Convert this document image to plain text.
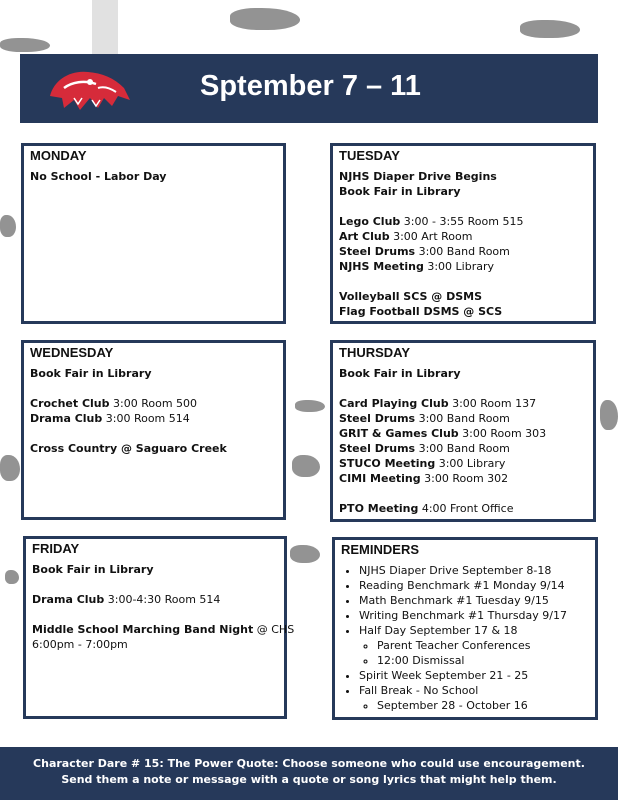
Sptember 7 – 11
MONDAY
No School - Labor Day
TUESDAY
NJHS Diaper Drive Begins
Book Fair in Library
Lego Club 3:00 - 3:55 Room 515
Art Club 3:00 Art Room
Steel Drums 3:00 Band Room
NJHS Meeting 3:00 Library
Volleyball SCS @ DSMS
Flag Football DSMS @ SCS
WEDNESDAY
Book Fair in Library
Crochet Club 3:00 Room 500
Drama Club 3:00 Room 514
Cross Country @ Saguaro Creek
THURSDAY
Book Fair in Library
Card Playing Club 3:00 Room 137
Steel Drums 3:00 Band Room
GRIT & Games Club 3:00 Room 303
Steel Drums 3:00 Band Room
STUCO Meeting 3:00 Library
CIMI Meeting 3:00 Room 302
PTO Meeting 4:00 Front Office
FRIDAY
Book Fair in Library
Drama Club 3:00-4:30 Room 514
Middle School Marching Band Night @ CHS
6:00pm - 7:00pm
REMINDERS
• NJHS Diaper Drive September 8-18
• Reading Benchmark #1 Monday 9/14
• Math Benchmark #1 Tuesday 9/15
• Writing Benchmark #1 Thursday 9/17
• Half Day September 17 & 18
◦ Parent Teacher Conferences
◦ 12:00 Dismissal
• Spirit Week September 21 - 25
• Fall Break - No School
◦ September 28 - October 16
Character Dare # 15: The Power Quote: Choose someone who could use encouragement.
Send them a note or message with a quote or song lyrics that might help them.
